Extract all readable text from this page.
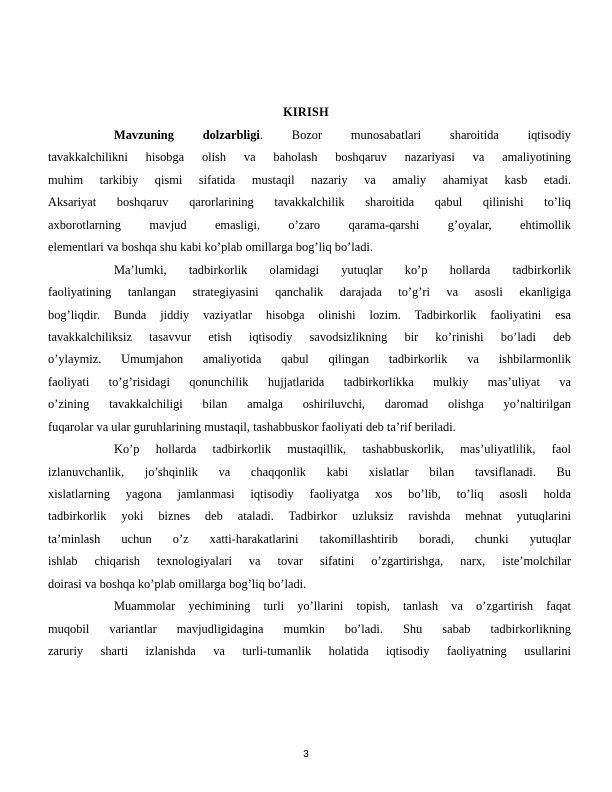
KIRISH
Mavzuning dolzarbligi. Bozor munosabatlari sharoitida iqtisodiy
tavakkalchilikni hisobga olish va baholash boshqaruv nazariyasi va amaliyotining
muhim tarkibiy qismi sifatida mustaqil nazariy va amaliy ahamiyat kasb etadi.
Aksariyat boshqaruv qarorlarining tavakkalchilik sharoitida qabul qilinishi to’liq
axborotlarning mavjud emasligi, o’zaro qarama-qarshi g’oyalar, ehtimollik
elementlari va boshqa shu kabi ko’plab omillarga bog’liq bo’ladi.
Ma’lumki, tadbirkorlik olamidagi yutuqlar ko’p hollarda tadbirkorlik
faoliyatining tanlangan strategiyasini qanchalik darajada to’g’ri va asosli ekanligiga
bog’liqdir. Bunda jiddiy vaziyatlar hisobga olinishi lozim. Tadbirkorlik faoliyatini esa
tavakkalchiliksiz tasavvur etish iqtisodiy savodsizlikning bir ko’rinishi bo’ladi deb
o’ylaymiz. Umumjahon amaliyotida qabul qilingan tadbirkorlik va ishbilarmonlik
faoliyati to’g’risidagi qonunchilik hujjatlarida tadbirkorlikka mulkiy mas’uliyat va
o’zining tavakkalchiligi bilan amalga oshiriluvchi, daromad olishga yo’naltirilgan
fuqarolar va ular guruhlarining mustaqil, tashabbuskor faoliyati deb ta’rif beriladi.
Ko’p hollarda tadbirkorlik mustaqillik, tashabbuskorlik, mas’uliyatlilik, faol
izlanuvchanlik, jo’shqinlik va chaqqonlik kabi xislatlar bilan tavsiflanadi. Bu
xislatlarning yagona jamlanmasi iqtisodiy faoliyatga xos bo’lib, to’liq asosli holda
tadbirkorlik yoki biznes deb ataladi. Tadbirkor uzluksiz ravishda mehnat yutuqlarini
ta’minlash uchun o’z xatti-harakatlarini takomillashtirib boradi, chunki yutuqlar
ishlab chiqarish texnologiyalari va tovar sifatini o’zgartirishga, narx, iste’molchilar
doirasi va boshqa ko’plab omillarga bog’liq bo’ladi.
Muammolar yechimining turli yo’llarini topish, tanlash va o’zgartirish faqat
muqobil variantlar mavjudligidagina mumkin bo’ladi. Shu sabab tadbirkorlikning
zaruriy sharti izlanishda va turli-tumanlik holatida iqtisodiy faoliyatning usullarini
3
